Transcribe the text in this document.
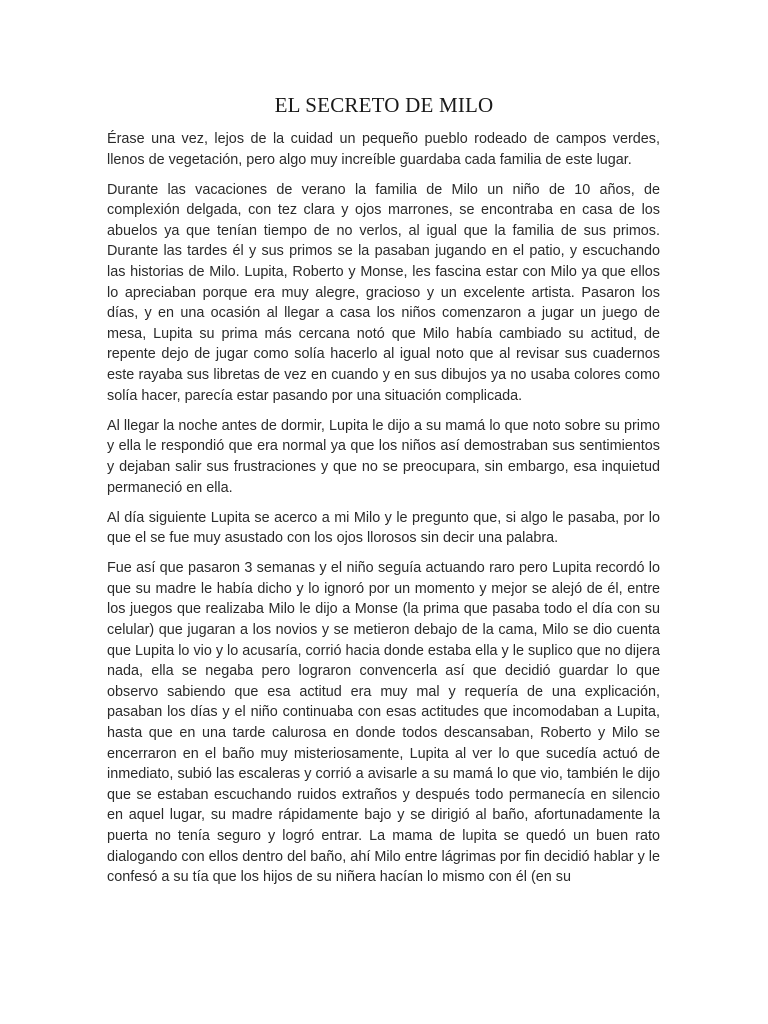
EL SECRETO DE MILO

Érase una vez, lejos de la cuidad un pequeño pueblo rodeado de campos verdes, llenos de vegetación, pero algo muy increíble guardaba cada familia de este lugar.

Durante las vacaciones de verano la familia de Milo un niño de 10 años, de complexión delgada, con tez clara y ojos marrones, se encontraba en casa de los abuelos ya que tenían tiempo de no verlos, al igual que la familia de sus primos. Durante las tardes él y sus primos se la pasaban jugando en el patio, y escuchando las historias de Milo. Lupita, Roberto y Monse, les fascina estar con Milo ya que ellos lo apreciaban porque era muy alegre, gracioso y un excelente artista. Pasaron los días, y en una ocasión al llegar a casa los niños comenzaron a jugar un juego de mesa, Lupita su prima más cercana notó que Milo había cambiado su actitud, de repente dejo de jugar como solía hacerlo al igual noto que al revisar sus cuadernos este rayaba sus libretas de vez en cuando y en sus dibujos ya no usaba colores como solía hacer, parecía estar pasando por una situación complicada.

Al llegar la noche antes de dormir, Lupita le dijo a su mamá lo que noto sobre su primo y ella le respondió que era normal ya que los niños así demostraban sus sentimientos y dejaban salir sus frustraciones y que no se preocupara, sin embargo, esa inquietud permaneció en ella.

Al día siguiente Lupita se acerco a mi Milo y le pregunto que, si algo le pasaba, por lo que el se fue muy asustado con los ojos llorosos sin decir una palabra.

Fue así que pasaron 3 semanas y el niño seguía actuando raro pero Lupita recordó lo que su madre le había dicho y lo ignoró por un momento y mejor se alejó de él, entre los juegos que realizaba Milo le dijo a Monse (la prima que pasaba todo el día con su celular) que jugaran a los novios y se metieron debajo de la cama, Milo se dio cuenta que Lupita lo vio y lo acusaría, corrió hacia donde estaba ella y le suplico que no dijera nada, ella se negaba pero lograron convencerla así que decidió guardar lo que observo sabiendo que esa actitud era muy mal y requería de una explicación, pasaban los días y el niño continuaba con esas actitudes que incomodaban a Lupita, hasta que en una tarde calurosa en donde todos descansaban, Roberto y Milo se encerraron en el baño muy misteriosamente, Lupita al ver lo que sucedía actuó de inmediato, subió las escaleras y corrió a avisarle a su mamá lo que vio, también le dijo que se estaban escuchando ruidos extraños y después todo permanecía en silencio en aquel lugar, su madre rápidamente bajo y se dirigió al baño, afortunadamente la puerta no tenía seguro y logró entrar. La mama de lupita se quedó un buen rato dialogando con ellos dentro del baño, ahí Milo entre lágrimas por fin decidió hablar y le confesó a su tía que los hijos de su niñera hacían lo mismo con él (en su
